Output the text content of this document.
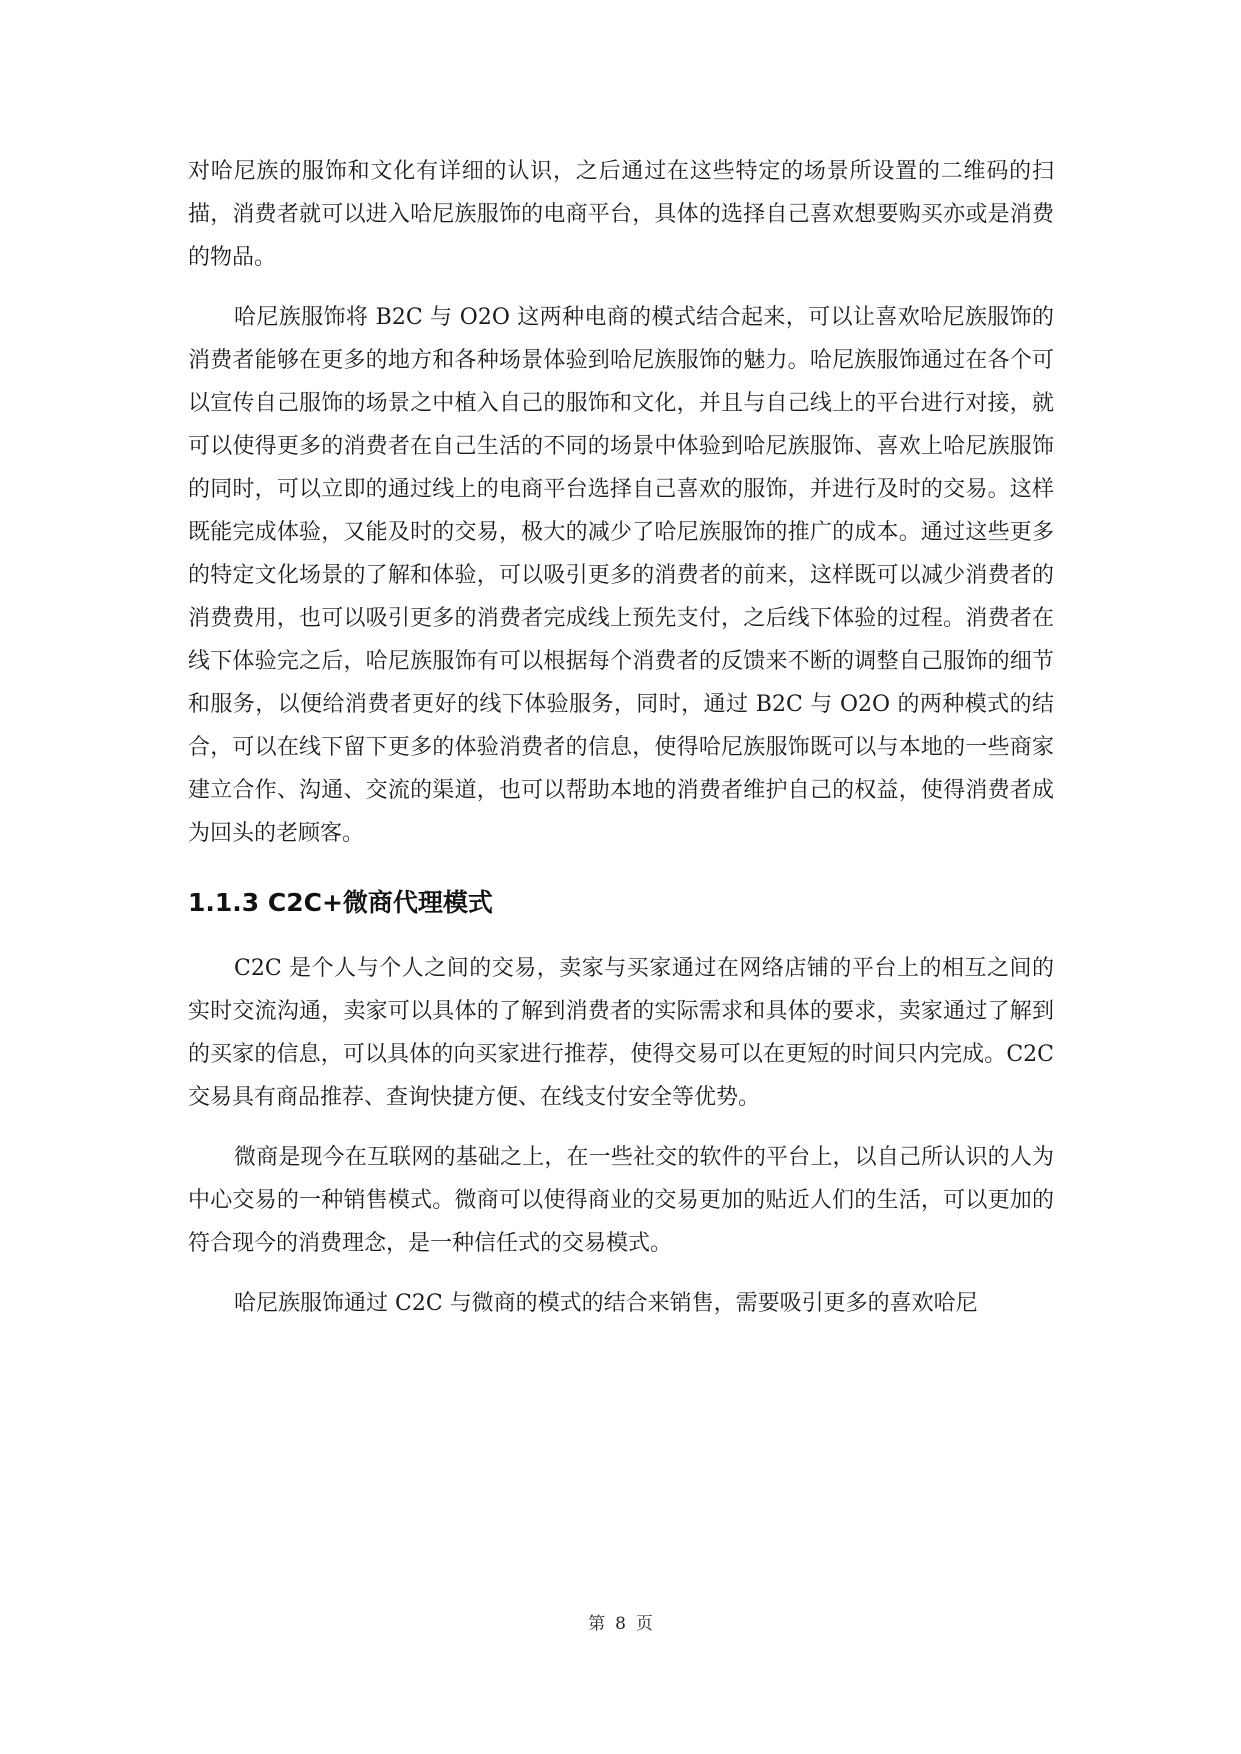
对哈尼族的服饰和文化有详细的认识，之后通过在这些特定的场景所设置的二维码的扫描，消费者就可以进入哈尼族服饰的电商平台，具体的选择自己喜欢想要购买亦或是消费的物品。

哈尼族服饰将 B2C 与 O2O 这两种电商的模式结合起来，可以让喜欢哈尼族服饰的消费者能够在更多的地方和各种场景体验到哈尼族服饰的魅力。哈尼族服饰通过在各个可以宣传自己服饰的场景之中植入自己的服饰和文化，并且与自己线上的平台进行对接，就可以使得更多的消费者在自己生活的不同的场景中体验到哈尼族服饰、喜欢上哈尼族服饰的同时，可以立即的通过线上的电商平台选择自己喜欢的服饰，并进行及时的交易。这样既能完成体验，又能及时的交易，极大的减少了哈尼族服饰的推广的成本。通过这些更多的特定文化场景的了解和体验，可以吸引更多的消费者的前来，这样既可以减少消费者的消费费用，也可以吸引更多的消费者完成线上预先支付，之后线下体验的过程。消费者在线下体验完之后，哈尼族服饰有可以根据每个消费者的反馈来不断的调整自己服饰的细节和服务，以便给消费者更好的线下体验服务，同时，通过 B2C 与 O2O 的两种模式的结合，可以在线下留下更多的体验消费者的信息，使得哈尼族服饰既可以与本地的一些商家建立合作、沟通、交流的渠道，也可以帮助本地的消费者维护自己的权益，使得消费者成为回头的老顾客。

1.1.3 C2C+微商代理模式

C2C 是个人与个人之间的交易，卖家与买家通过在网络店铺的平台上的相互之间的实时交流沟通，卖家可以具体的了解到消费者的实际需求和具体的要求，卖家通过了解到的买家的信息，可以具体的向买家进行推荐，使得交易可以在更短的时间只内完成。C2C 交易具有商品推荐、查询快捷方便、在线支付安全等优势。

微商是现今在互联网的基础之上，在一些社交的软件的平台上，以自己所认识的人为中心交易的一种销售模式。微商可以使得商业的交易更加的贴近人们的生活，可以更加的符合现今的消费理念，是一种信任式的交易模式。

哈尼族服饰通过 C2C 与微商的模式的结合来销售，需要吸引更多的喜欢哈尼

第 8 页
